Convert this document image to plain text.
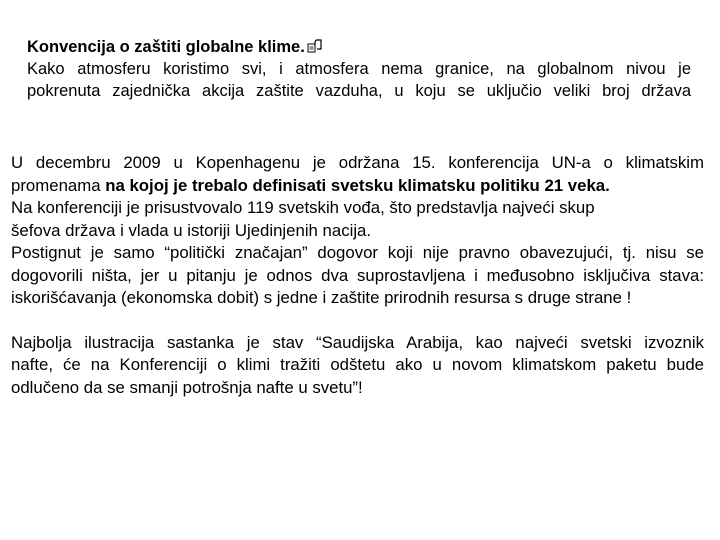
Konvencija o zaštiti globalne klime.
Kako atmosferu koristimo svi, i atmosfera nema granice, na globalnom nivou je
pokrenuta zajednička akcija zaštite vazduha, u koju se uključio veliki broj država
U decembru 2009 u Kopenhagenu je održana 15. konferencija UN-a o klimatskim
promenama na kojoj je trebalo definisati svetsku klimatsku politiku 21 veka.
Na konferenciji je prisustvovalo 119 svetskih vođa, što predstavlja najveći skup
šefova država i vlada u istoriji Ujedinjenih nacija.
Postignut je samo “politički značajan” dogovor koji nije pravno obavezujući, tj. nisu se
dogovorili ništa, jer u pitanju je odnos dva suprostavljena i međusobno isključiva stava:
iskorišćavanja (ekonomska dobit) s jedne i zaštite prirodnih resursa s druge strane !
Najbolja ilustracija sastanka je stav “Saudijska Arabija, kao najveći svetski izvoznik
nafte, će na Konferenciji o klimi tražiti odštetu ako u novom klimatskom paketu bude
odlučeno da se smanji potrošnja nafte u svetu”!
